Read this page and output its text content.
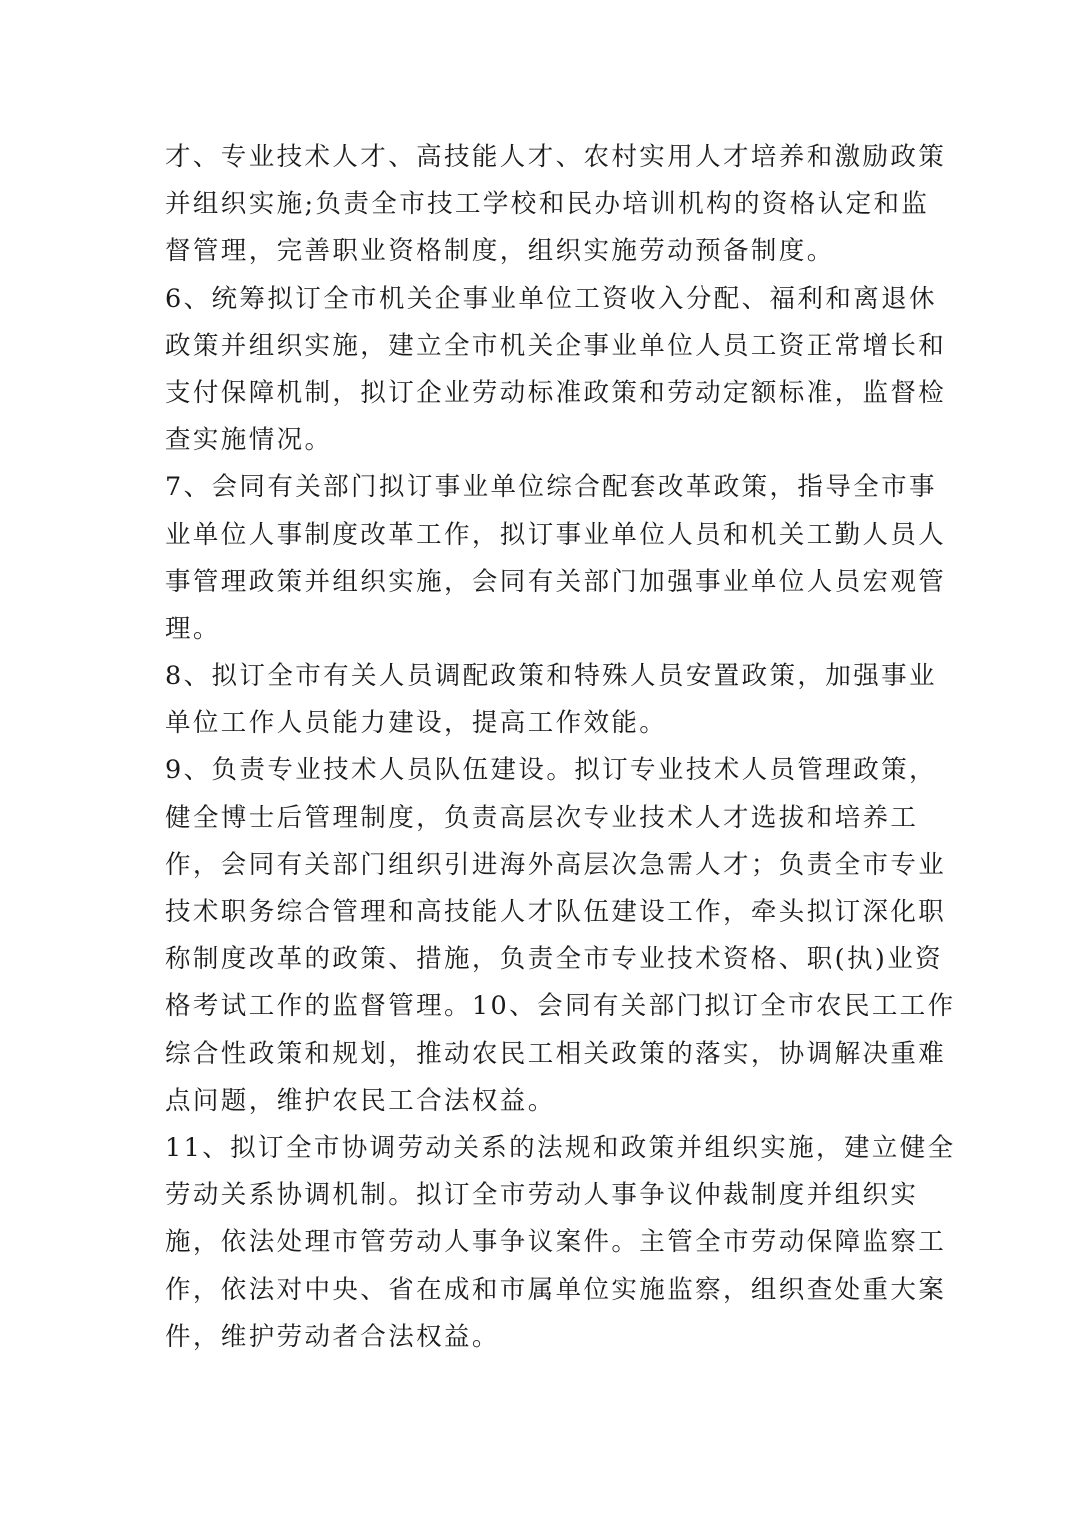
才、专业技术人才、高技能人才、农村实用人才培养和激励政策
并组织实施;负责全市技工学校和民办培训机构的资格认定和监
督管理，完善职业资格制度，组织实施劳动预备制度。
6、统筹拟订全市机关企事业单位工资收入分配、福利和离退休
政策并组织实施，建立全市机关企事业单位人员工资正常增长和
支付保障机制，拟订企业劳动标准政策和劳动定额标准，监督检
查实施情况。
7、会同有关部门拟订事业单位综合配套改革政策，指导全市事
业单位人事制度改革工作，拟订事业单位人员和机关工勤人员人
事管理政策并组织实施，会同有关部门加强事业单位人员宏观管
理。
8、拟订全市有关人员调配政策和特殊人员安置政策，加强事业
单位工作人员能力建设，提高工作效能。
9、负责专业技术人员队伍建设。拟订专业技术人员管理政策，
健全博士后管理制度，负责高层次专业技术人才选拔和培养工
作，会同有关部门组织引进海外高层次急需人才；负责全市专业
技术职务综合管理和高技能人才队伍建设工作，牵头拟订深化职
称制度改革的政策、措施，负责全市专业技术资格、职(执)业资
格考试工作的监督管理。10、会同有关部门拟订全市农民工工作
综合性政策和规划，推动农民工相关政策的落实，协调解决重难
点问题，维护农民工合法权益。
11、拟订全市协调劳动关系的法规和政策并组织实施，建立健全
劳动关系协调机制。拟订全市劳动人事争议仲裁制度并组织实
施，依法处理市管劳动人事争议案件。主管全市劳动保障监察工
作，依法对中央、省在成和市属单位实施监察，组织查处重大案
件，维护劳动者合法权益。
